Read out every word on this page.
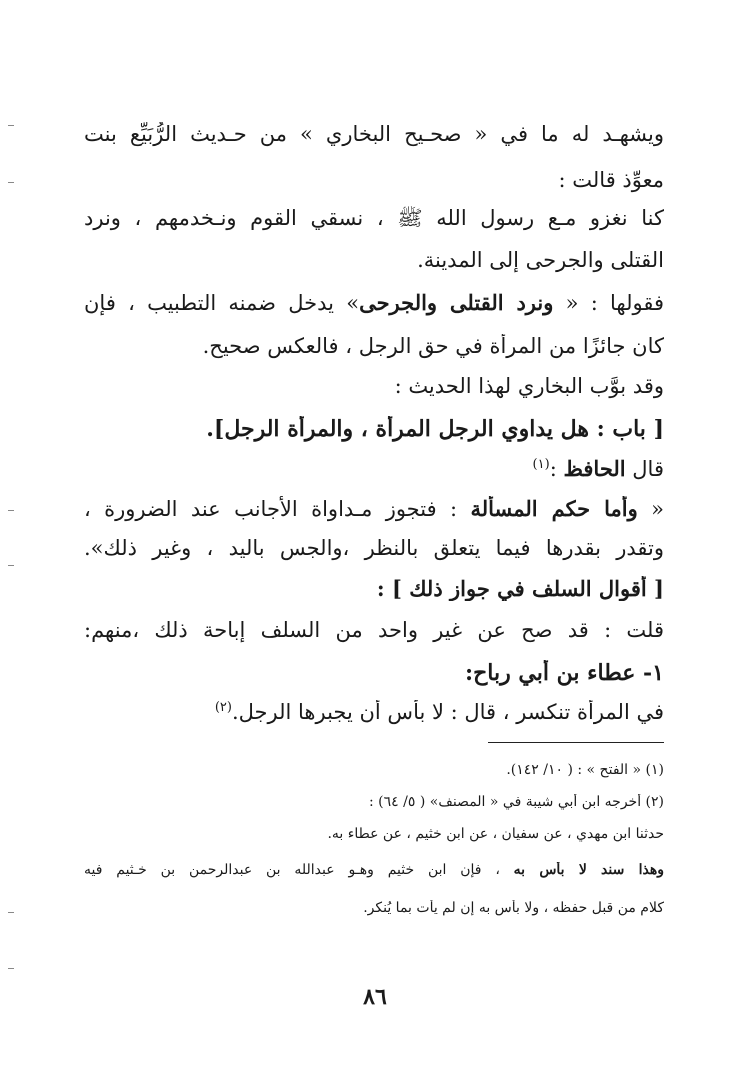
ويشهـد له ما في « صحـيح البخاري » من حـديث الرُّبَيِّع بنت
معوِّذ قالت :
كنا نغزو مـع رسول الله ﷺ ، نسقي القوم ونـخدمهم ، ونرد
القتلى والجرحى إلى المدينة.
فقولها : « ونرد القتلى والجرحى» يدخل ضمنه التطبيب ، فإن
كان جائزًا من المرأة في حق الرجل ، فالعكس صحيح.
وقد بوَّب البخاري لهذا الحديث :
[ باب : هل يداوي الرجل المرأة ، والمرأة الرجل].
قال الحافظ :$^{(١)}$
« وأما حكم المسألة : فتجوز مـداواة الأجانب عند الضرورة ،
وتقدر بقدرها فيما يتعلق بالنظر ،والجس باليد ، وغير ذلك».
[ أقوال السلف في جواز ذلك ] :
قلت : قد صح عن غير واحد من السلف إباحة ذلك ،منهم:
١- عطاء بن أبي رباح:
في المرأة تنكسر ، قال : لا بأس أن يجبرها الرجل.$^{(٢)}$
(١) « الفتح » : ( ١٠/ ١٤٢).
(٢) أخرجه ابن أبي شيبة في « المصنف» ( ٥/ ٦٤) :
حدثنا ابن مهدي ، عن سفيان ، عن ابن خثيم ، عن عطاء به.
وهذا سند لا بأس به ، فإن ابن خثيم وهـو عبدالله بن عبدالرحمن بن خـثيم فيه
كلام من قبل حفظه ، ولا بأس به إن لم يأت بما يُنكر.
٨٦
